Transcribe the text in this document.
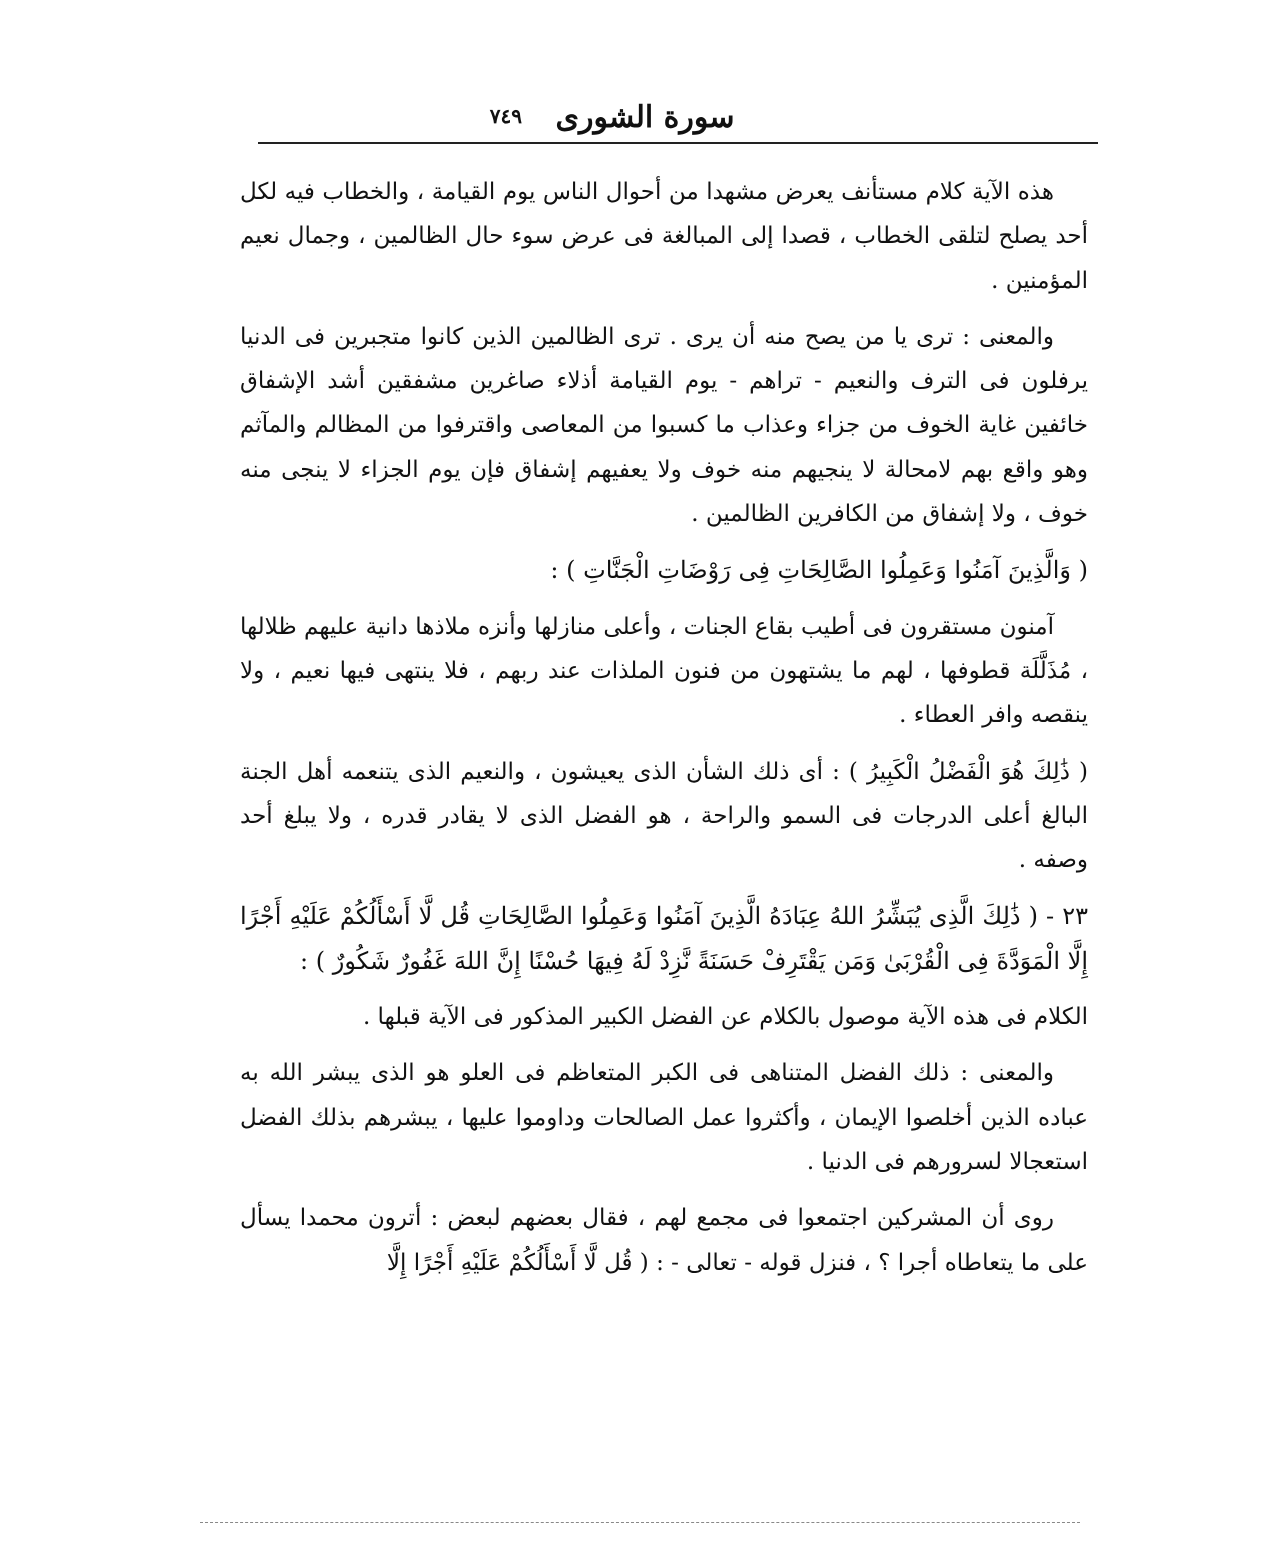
٧٤٩	سورة الشورى

هذه الآية كلام مستأنف يعرض مشهدا من أحوال الناس يوم القيامة ، والخطاب فيه لكل أحد يصلح لتلقى الخطاب ، قصدا إلى المبالغة فى عرض سوء حال الظالمين ، وجمال نعيم المؤمنين .

والمعنى : ترى يا من يصح منه أن يرى . ترى الظالمين الذين كانوا متجبرين فى الدنيا يرفلون فى الترف والنعيم - تراهم - يوم القيامة أذلاء صاغرين مشفقين أشد الإشفاق خائفين غاية الخوف من جزاء وعذاب ما كسبوا من المعاصى واقترفوا من المظالم والمآثم وهو واقع بهم لامحالة لا ينجيهم منه خوف ولا يعفيهم إشفاق فإن يوم الجزاء لا ينجى منه خوف ، ولا إشفاق من الكافرين الظالمين .

( وَالَّذِينَ آمَنُوا وَعَمِلُوا الصَّالِحَاتِ فِى رَوْضَاتِ الْجَنَّاتِ ) :

آمنون مستقرون فى أطيب بقاع الجنات ، وأعلى منازلها وأنزه ملاذها دانية عليهم ظلالها ، مُذَلَّلَة قطوفها ، لهم ما يشتهون من فنون الملذات عند ربهم ، فلا ينتهى فيها نعيم ، ولا ينقصه وافر العطاء .

( ذَٰلِكَ هُوَ الْفَضْلُ الْكَبِيرُ ) : أى ذلك الشأن الذى يعيشون ، والنعيم الذى يتنعمه أهل الجنة البالغ أعلى الدرجات فى السمو والراحة ، هو الفضل الذى لا يقادر قدره ، ولا يبلغ أحد وصفه .

٢٣ - ( ذَٰلِكَ الَّذِى يُبَشِّرُ اللهُ عِبَادَهُ الَّذِينَ آمَنُوا وَعَمِلُوا الصَّالِحَاتِ قُل لَّا أَسْأَلُكُمْ عَلَيْهِ أَجْرًا إِلَّا الْمَوَدَّةَ فِى الْقُرْبَىٰ وَمَن يَقْتَرِفْ حَسَنَةً نَّزِدْ لَهُ فِيهَا حُسْنًا إِنَّ اللهَ غَفُورٌ شَكُورٌ ) :

الكلام فى هذه الآية موصول بالكلام عن الفضل الكبير المذكور فى الآية قبلها .

والمعنى : ذلك الفضل المتناهى فى الكبر المتعاظم فى العلو هو الذى يبشر الله به عباده الذين أخلصوا الإيمان ، وأكثروا عمل الصالحات وداوموا عليها ، يبشرهم بذلك الفضل استعجالا لسرورهم فى الدنيا .

روى أن المشركين اجتمعوا فى مجمع لهم ، فقال بعضهم لبعض : أترون محمدا يسأل على ما يتعاطاه أجرا ؟ ، فنزل قوله - تعالى - : ( قُل لَّا أَسْأَلُكُمْ عَلَيْهِ أَجْرًا إِلَّا
